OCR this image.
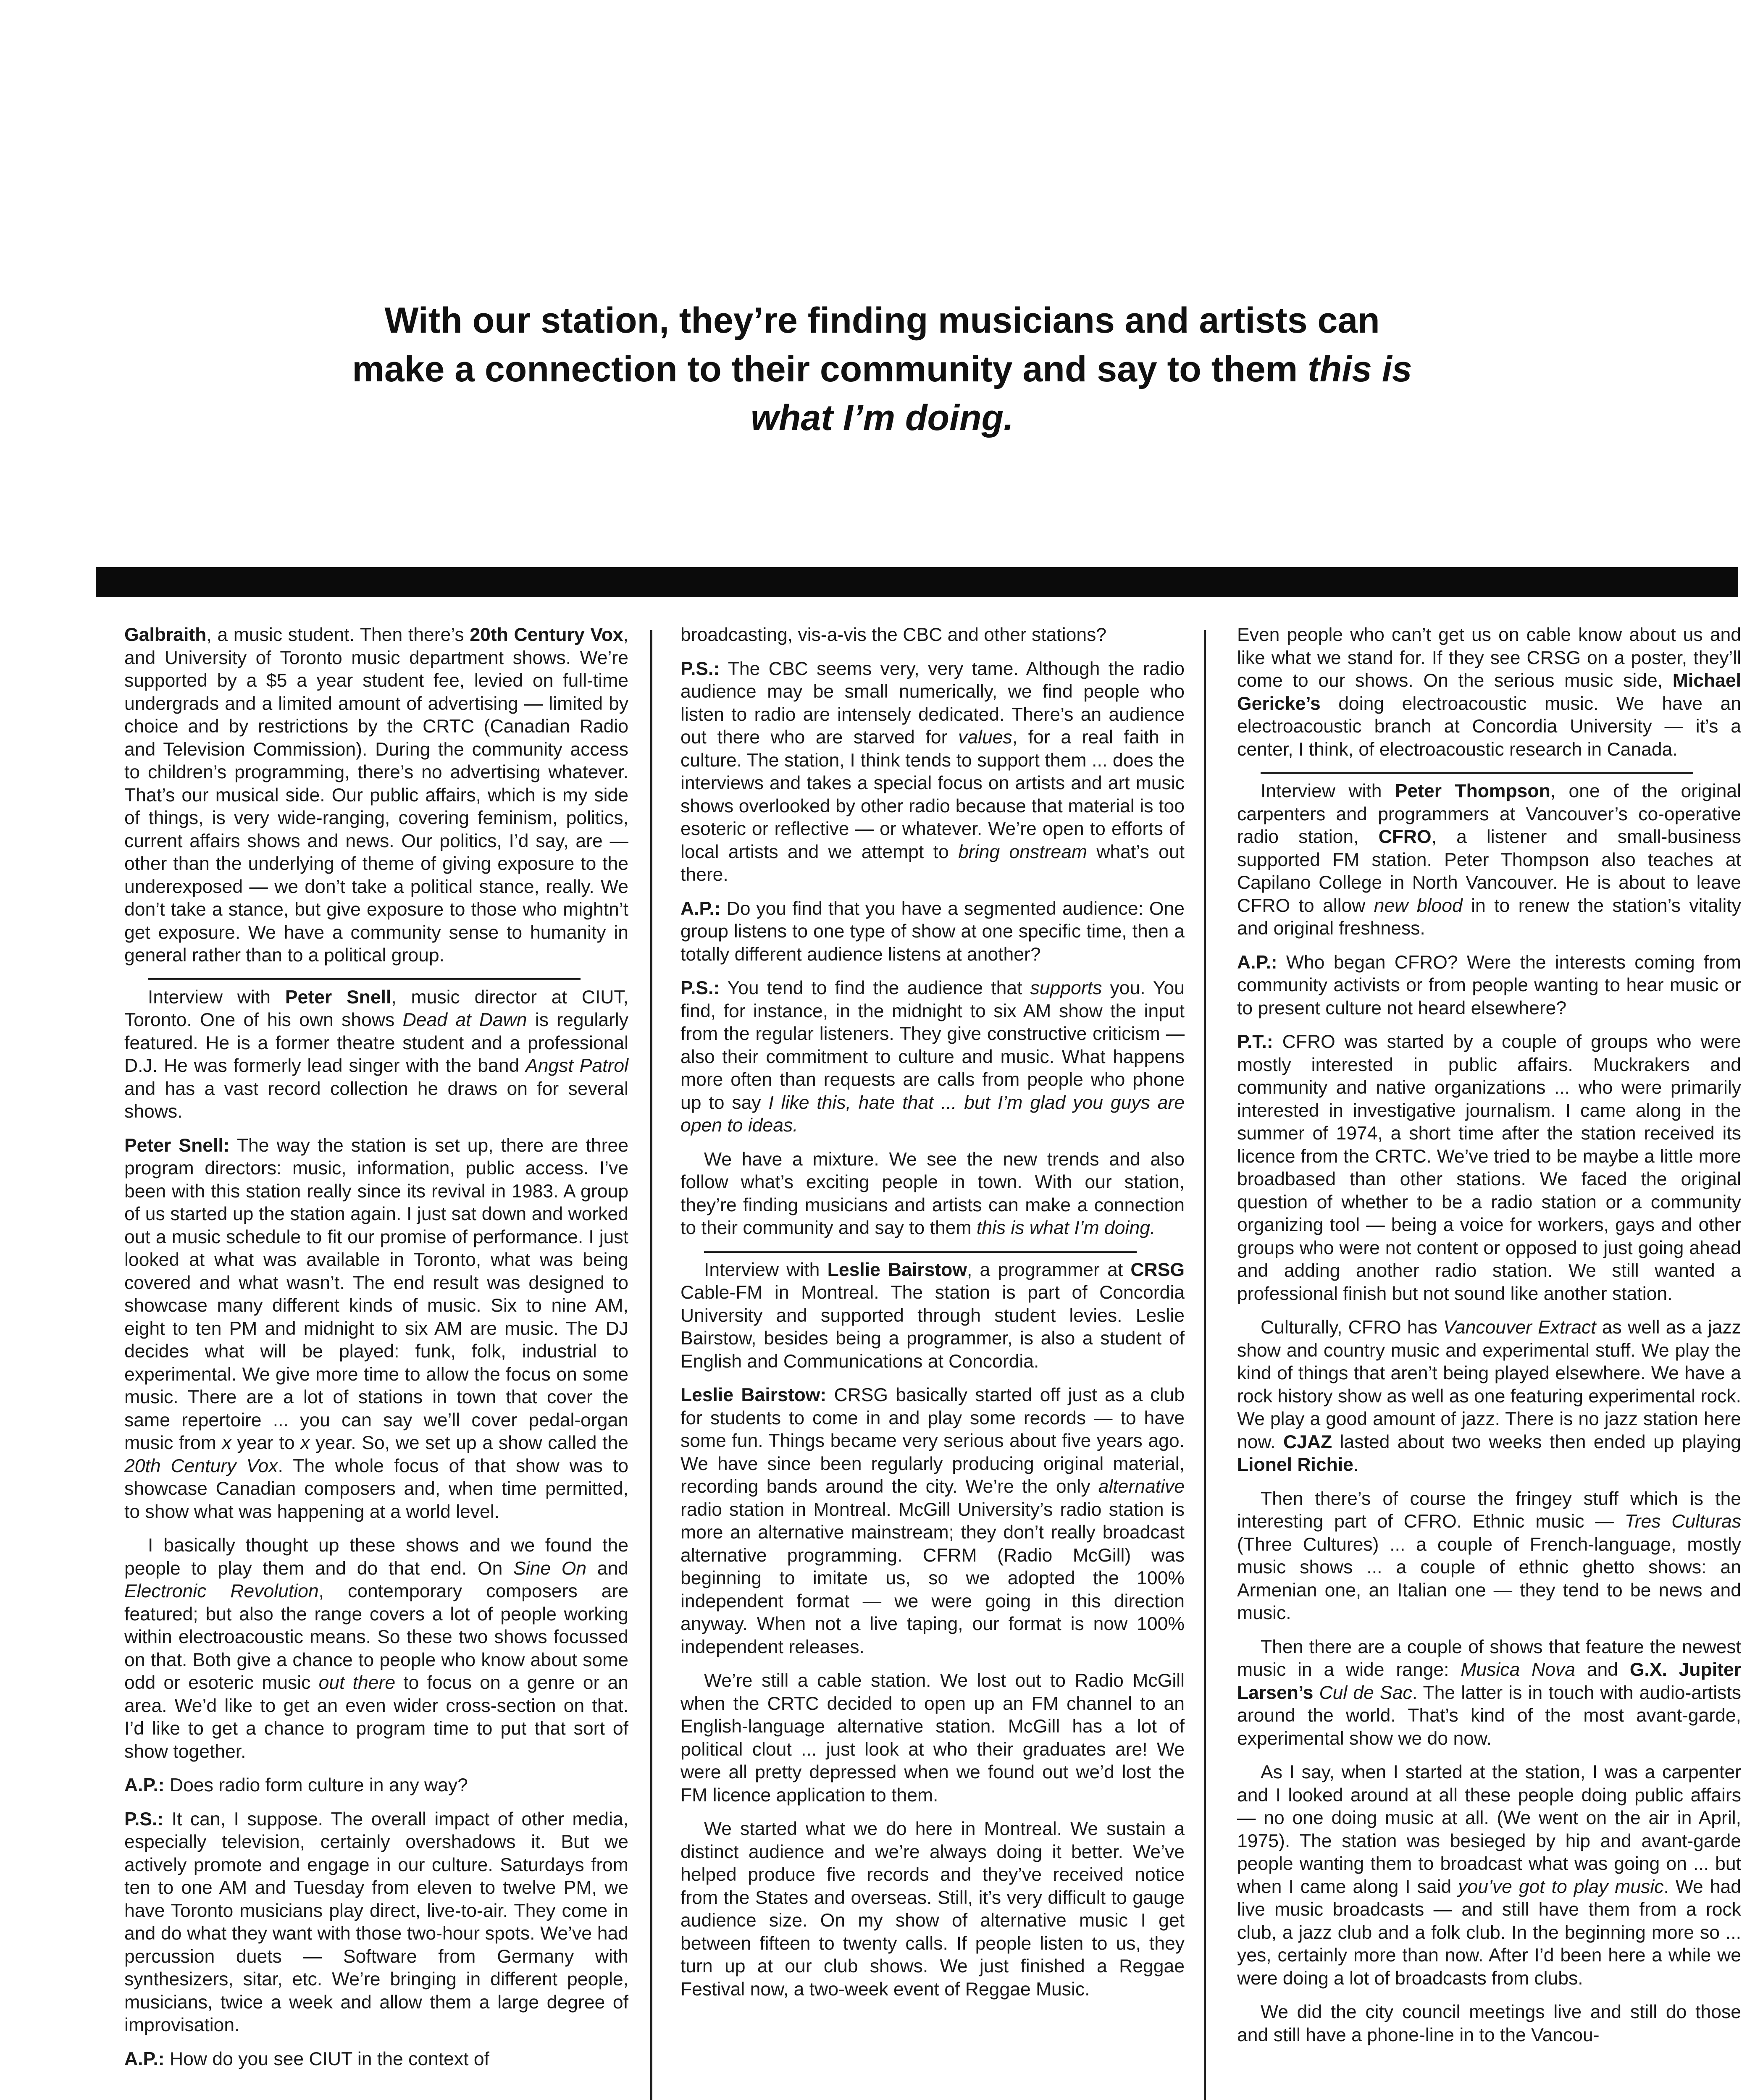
With our station, they’re finding musicians and artists can
make a connection to their community and say to them this is
what I’m doing.

Galbraith, a music student. Then there’s 20th Century Vox, and University of Toronto music department shows. We’re supported by a $5 a year student fee, levied on full-time undergrads and a limited amount of advertising — limited by choice and by restrictions by the CRTC (Canadian Radio and Television Commission). During the community access to children’s programming, there’s no advertising whatever. That’s our musical side. Our public affairs, which is my side of things, is very wide-ranging, covering feminism, politics, current affairs shows and news. Our politics, I’d say, are — other than the underlying of theme of giving exposure to the underexposed — we don’t take a political stance, really. We don’t take a stance, but give exposure to those who mightn’t get exposure. We have a community sense to humanity in general rather than to a political group.

Interview with Peter Snell, music director at CIUT, Toronto. One of his own shows Dead at Dawn is regularly featured. He is a former theatre student and a professional D.J. He was formerly lead singer with the band Angst Patrol and has a vast record collection he draws on for several shows.

Peter Snell: The way the station is set up, there are three program directors: music, information, public access. I’ve been with this station really since its revival in 1983. A group of us started up the station again. I just sat down and worked out a music schedule to fit our promise of performance. I just looked at what was available in Toronto, what was being covered and what wasn’t. The end result was designed to showcase many different kinds of music. Six to nine AM, eight to ten PM and midnight to six AM are music. The DJ decides what will be played: funk, folk, industrial to experimental. We give more time to allow the focus on some music. There are a lot of stations in town that cover the same repertoire ... you can say we’ll cover pedal-organ music from x year to x year. So, we set up a show called the 20th Century Vox. The whole focus of that show was to showcase Canadian composers and, when time permitted, to show what was happening at a world level.

I basically thought up these shows and we found the people to play them and do that end. On Sine On and Electronic Revolution, contemporary composers are featured; but also the range covers a lot of people working within electroacoustic means. So these two shows focussed on that. Both give a chance to people who know about some odd or esoteric music out there to focus on a genre or an area. We’d like to get an even wider cross-section on that. I’d like to get a chance to program time to put that sort of show together.

A.P.: Does radio form culture in any way?

P.S.: It can, I suppose. The overall impact of other media, especially television, certainly overshadows it. But we actively promote and engage in our culture. Saturdays from ten to one AM and Tuesday from eleven to twelve PM, we have Toronto musicians play direct, live-to-air. They come in and do what they want with those two-hour spots. We’ve had percussion duets — Software from Germany with synthesizers, sitar, etc. We’re bringing in different people, musicians, twice a week and allow them a large degree of improvisation.

A.P.: How do you see CIUT in the context of

broadcasting, vis-a-vis the CBC and other stations?

P.S.: The CBC seems very, very tame. Although the radio audience may be small numerically, we find people who listen to radio are intensely dedicated. There’s an audience out there who are starved for values, for a real faith in culture. The station, I think tends to support them ... does the interviews and takes a special focus on artists and art music shows overlooked by other radio because that material is too esoteric or reflective — or whatever. We’re open to efforts of local artists and we attempt to bring onstream what’s out there.

A.P.: Do you find that you have a segmented audience: One group listens to one type of show at one specific time, then a totally different audience listens at another?

P.S.: You tend to find the audience that supports you. You find, for instance, in the midnight to six AM show the input from the regular listeners. They give constructive criticism — also their commitment to culture and music. What happens more often than requests are calls from people who phone up to say I like this, hate that ... but I’m glad you guys are open to ideas.

We have a mixture. We see the new trends and also follow what’s exciting people in town. With our station, they’re finding musicians and artists can make a connection to their community and say to them this is what I’m doing.

Interview with Leslie Bairstow, a programmer at CRSG Cable-FM in Montreal. The station is part of Concordia University and supported through student levies. Leslie Bairstow, besides being a programmer, is also a student of English and Communications at Concordia.

Leslie Bairstow: CRSG basically started off just as a club for students to come in and play some records — to have some fun. Things became very serious about five years ago. We have since been regularly producing original material, recording bands around the city. We’re the only alternative radio station in Montreal. McGill University’s radio station is more an alternative mainstream; they don’t really broadcast alternative programming. CFRM (Radio McGill) was beginning to imitate us, so we adopted the 100% independent format — we were going in this direction anyway. When not a live taping, our format is now 100% independent releases.

We’re still a cable station. We lost out to Radio McGill when the CRTC decided to open up an FM channel to an English-language alternative station. McGill has a lot of political clout ... just look at who their graduates are! We were all pretty depressed when we found out we’d lost the FM licence application to them.

We started what we do here in Montreal. We sustain a distinct audience and we’re always doing it better. We’ve helped produce five records and they’ve received notice from the States and overseas. Still, it’s very difficult to gauge audience size. On my show of alternative music I get between fifteen to twenty calls. If people listen to us, they turn up at our club shows. We just finished a Reggae Festival now, a two-week event of Reggae Music.

Even people who can’t get us on cable know about us and like what we stand for. If they see CRSG on a poster, they’ll come to our shows. On the serious music side, Michael Gericke’s doing electroacoustic music. We have an electroacoustic branch at Concordia University — it’s a center, I think, of electroacoustic research in Canada.

Interview with Peter Thompson, one of the original carpenters and programmers at Vancouver’s co-operative radio station, CFRO, a listener and small-business supported FM station. Peter Thompson also teaches at Capilano College in North Vancouver. He is about to leave CFRO to allow new blood in to renew the station’s vitality and original freshness.

A.P.: Who began CFRO? Were the interests coming from community activists or from people wanting to hear music or to present culture not heard elsewhere?

P.T.: CFRO was started by a couple of groups who were mostly interested in public affairs. Muckrakers and community and native organizations ... who were primarily interested in investigative journalism. I came along in the summer of 1974, a short time after the station received its licence from the CRTC. We’ve tried to be maybe a little more broadbased than other stations. We faced the original question of whether to be a radio station or a community organizing tool — being a voice for workers, gays and other groups who were not content or opposed to just going ahead and adding another radio station. We still wanted a professional finish but not sound like another station.

Culturally, CFRO has Vancouver Extract as well as a jazz show and country music and experimental stuff. We play the kind of things that aren’t being played elsewhere. We have a rock history show as well as one featuring experimental rock. We play a good amount of jazz. There is no jazz station here now. CJAZ lasted about two weeks then ended up playing Lionel Richie.

Then there’s of course the fringey stuff which is the interesting part of CFRO. Ethnic music — Tres Culturas (Three Cultures) ... a couple of French-language, mostly music shows ... a couple of ethnic ghetto shows: an Armenian one, an Italian one — they tend to be news and music.

Then there are a couple of shows that feature the newest music in a wide range: Musica Nova and G.X. Jupiter Larsen’s Cul de Sac. The latter is in touch with audio-artists around the world. That’s kind of the most avant-garde, experimental show we do now.

As I say, when I started at the station, I was a carpenter and I looked around at all these people doing public affairs — no one doing music at all. (We went on the air in April, 1975). The station was besieged by hip and avant-garde people wanting them to broadcast what was going on ... but when I came along I said you’ve got to play music. We had live music broadcasts — and still have them from a rock club, a jazz club and a folk club. In the beginning more so ... yes, certainly more than now. After I’d been here a while we were doing a lot of broadcasts from clubs.

We did the city council meetings live and still do those and still have a phone-line in to the Vancou-
